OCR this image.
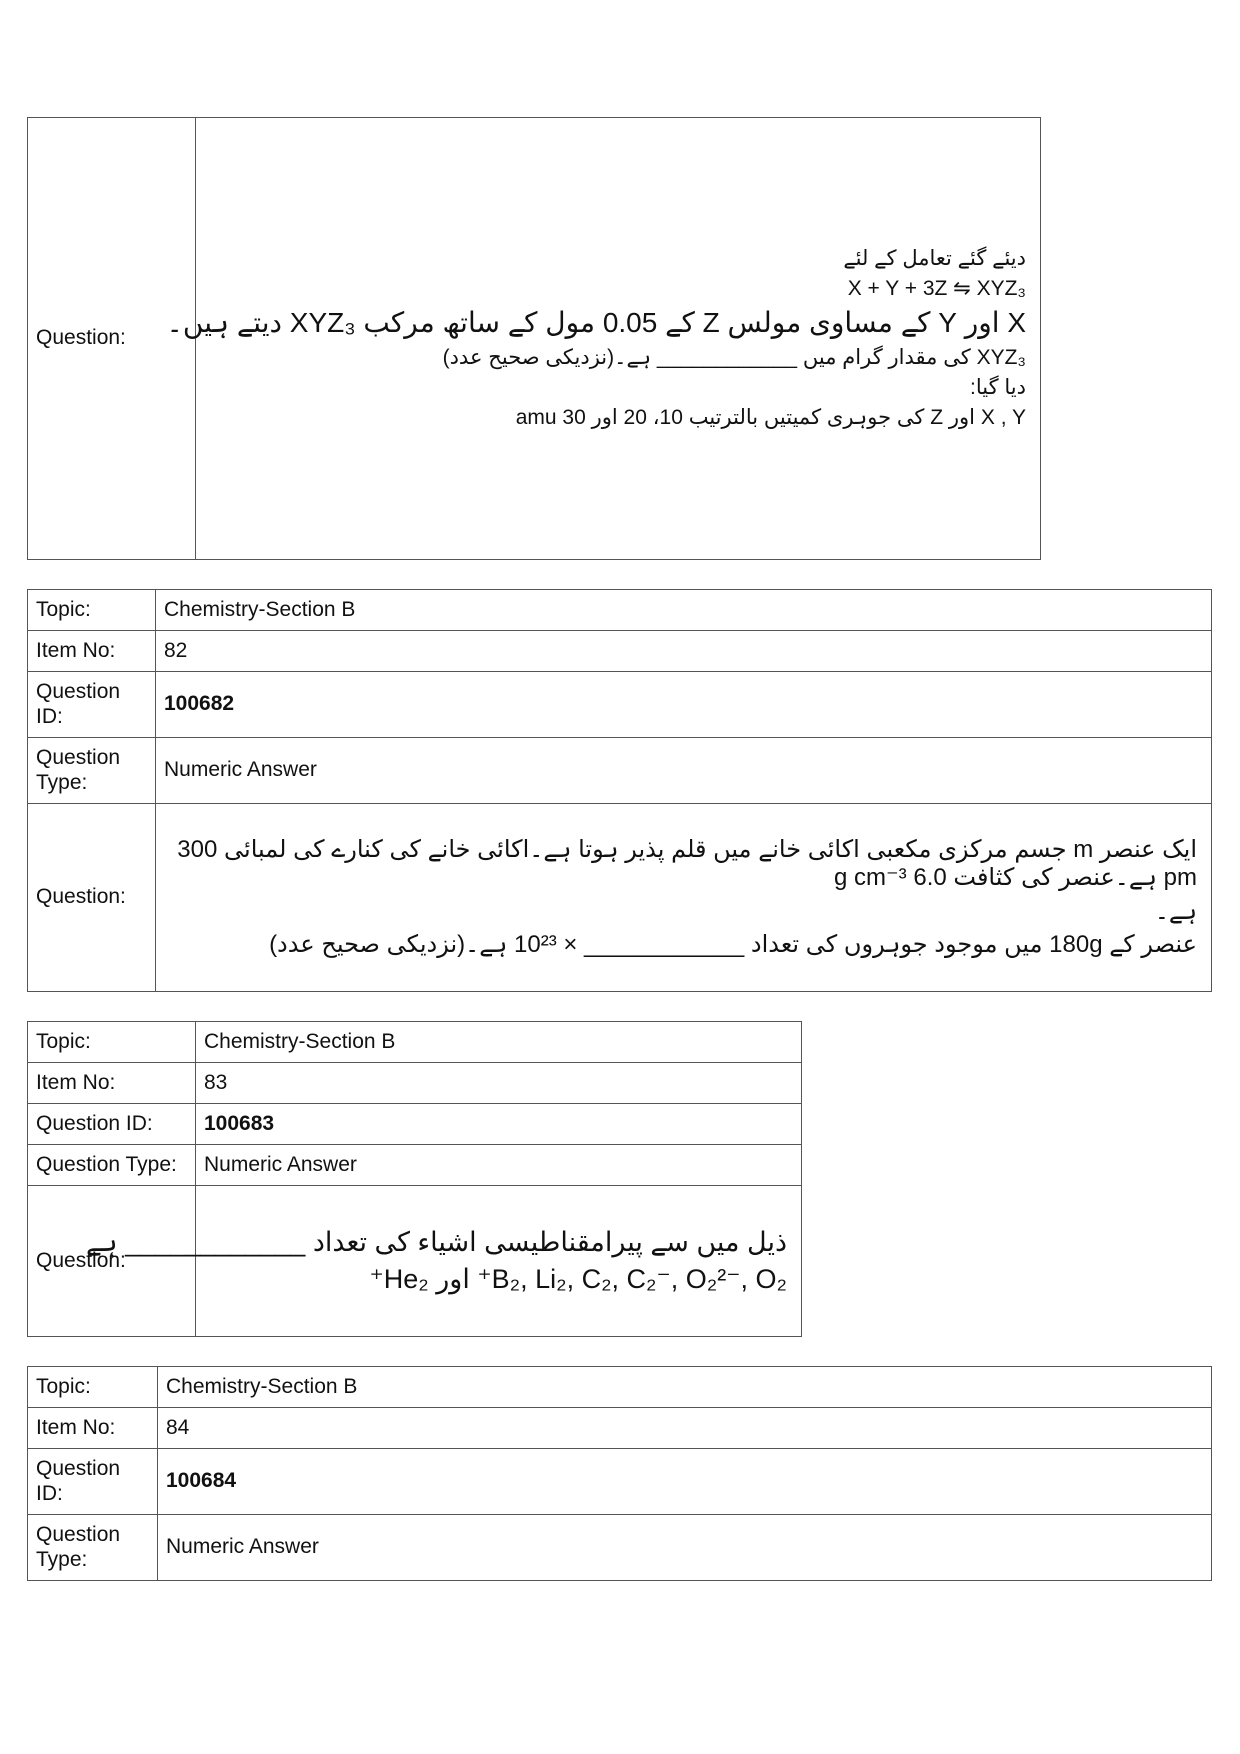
Question:	
دیئے گئے تعامل کے لئے
X + Y + 3Z ⇋ XYZ₃
X اور Y کے مساوی مولس Z کے 0.05 مول کے ساتھ مرکب XYZ₃ دیتے ہیں۔
XYZ₃ کی مقدار گرام میں ____________ ہے۔(نزدیکی صحیح عدد)
دیا گیا:
X , Y اور Z کی جوہری کمیتیں بالترتیب 10، 20 اور 30 amu
Topic:	Chemistry-Section B
Item No:	82
Question ID:	100682
Question Type:	Numeric Answer
Question:	ایک عنصر m جسم مرکزی مکعبی اکائی خانے میں قلم پذیر ہوتا ہے۔اکائی خانے کی کنارے کی لمبائی 300 pm ہے۔عنصر کی کثافت 6.0 g cm⁻³
ہے۔
عنصر کے 180g میں موجود جوہروں کی تعداد ____________ × 10²³ ہے۔(نزدیکی صحیح عدد)
Topic:	Chemistry-Section B
Item No:	83
Question ID:	100683
Question Type:	Numeric Answer
Question:	ذیل میں سے پیرامقناطیسی اشیاء کی تعداد ____________ ہے
B₂, Li₂, C₂, C₂⁻, O₂²⁻, O₂⁺ اور He₂⁺
Topic:	Chemistry-Section B
Item No:	84
Question ID:	100684
Question Type:	Numeric Answer
